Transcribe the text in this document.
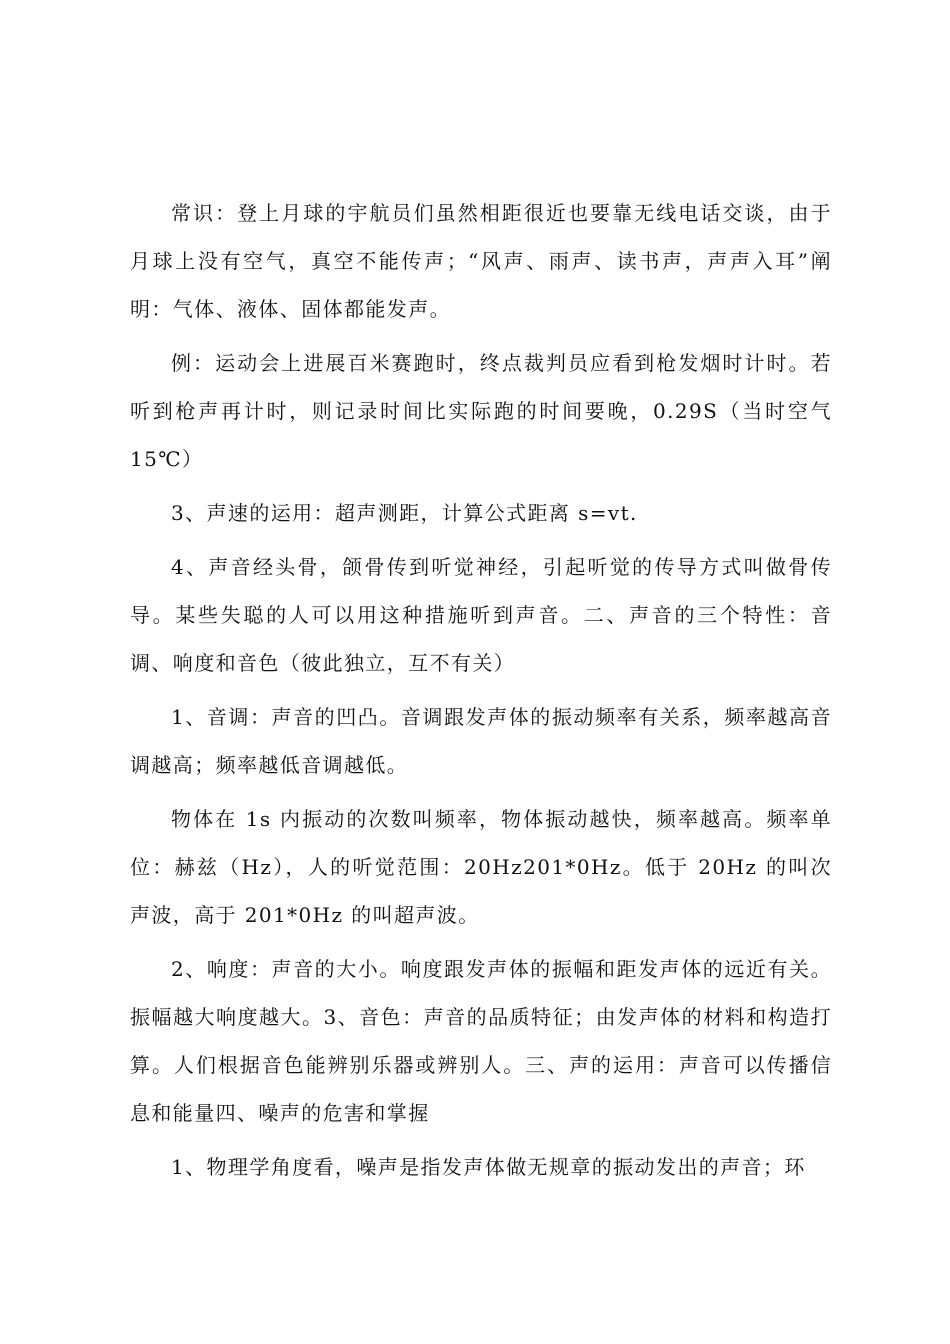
常识：登上月球的宇航员们虽然相距很近也要靠无线电话交谈，由于月球上没有空气，真空不能传声；“风声、雨声、读书声，声声入耳”阐明：气体、液体、固体都能发声。

例：运动会上进展百米赛跑时，终点裁判员应看到枪发烟时计时。若听到枪声再计时，则记录时间比实际跑的时间要晚，0.29S（当时空气15℃）

3、声速的运用：超声测距，计算公式距离 s=vt.

4、声音经头骨，颌骨传到听觉神经，引起听觉的传导方式叫做骨传导。某些失聪的人可以用这种措施听到声音。二、声音的三个特性：音调、响度和音色（彼此独立，互不有关）

1、音调：声音的凹凸。音调跟发声体的振动频率有关系，频率越高音调越高；频率越低音调越低。

物体在 1s 内振动的次数叫频率，物体振动越快，频率越高。频率单位：赫兹（Hz），人的听觉范围：20Hz201*0Hz。低于 20Hz 的叫次声波，高于 201*0Hz 的叫超声波。

2、响度：声音的大小。响度跟发声体的振幅和距发声体的远近有关。振幅越大响度越大。3、音色：声音的品质特征；由发声体的材料和构造打算。人们根据音色能辨别乐器或辨别人。三、声的运用：声音可以传播信息和能量四、噪声的危害和掌握

1、物理学角度看，噪声是指发声体做无规章的振动发出的声音；环
